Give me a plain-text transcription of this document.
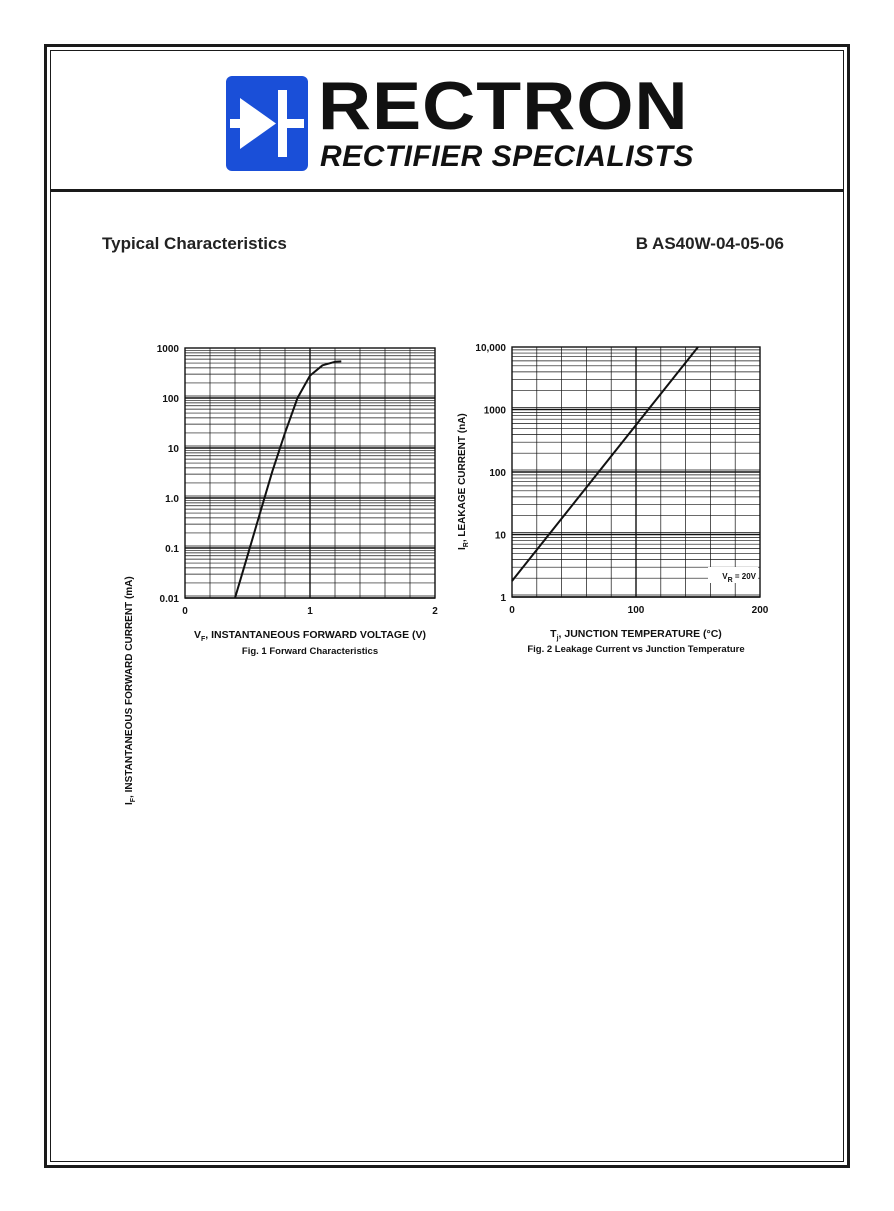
RECTRON
RECTIFIER SPECIALISTS
Typical Characteristics	B AS40W-04-05-06
0.01
0.1
1.0
10
100
1000
0	1	2
$I_F$, INSTANTANEOUS FORWARD CURRENT (mA)	$V_F$, INSTANTANEOUS FORWARD VOLTAGE (V)
Fig. 1 Forward Characteristics
1
10
100
1000
10,000
0	100	200
VR = 20V
$I_R$, LEAKAGE CURRENT (nA)
$T_j$, JUNCTION TEMPERATURE (°C)
Fig. 2 Leakage Current vs Junction Temperature
